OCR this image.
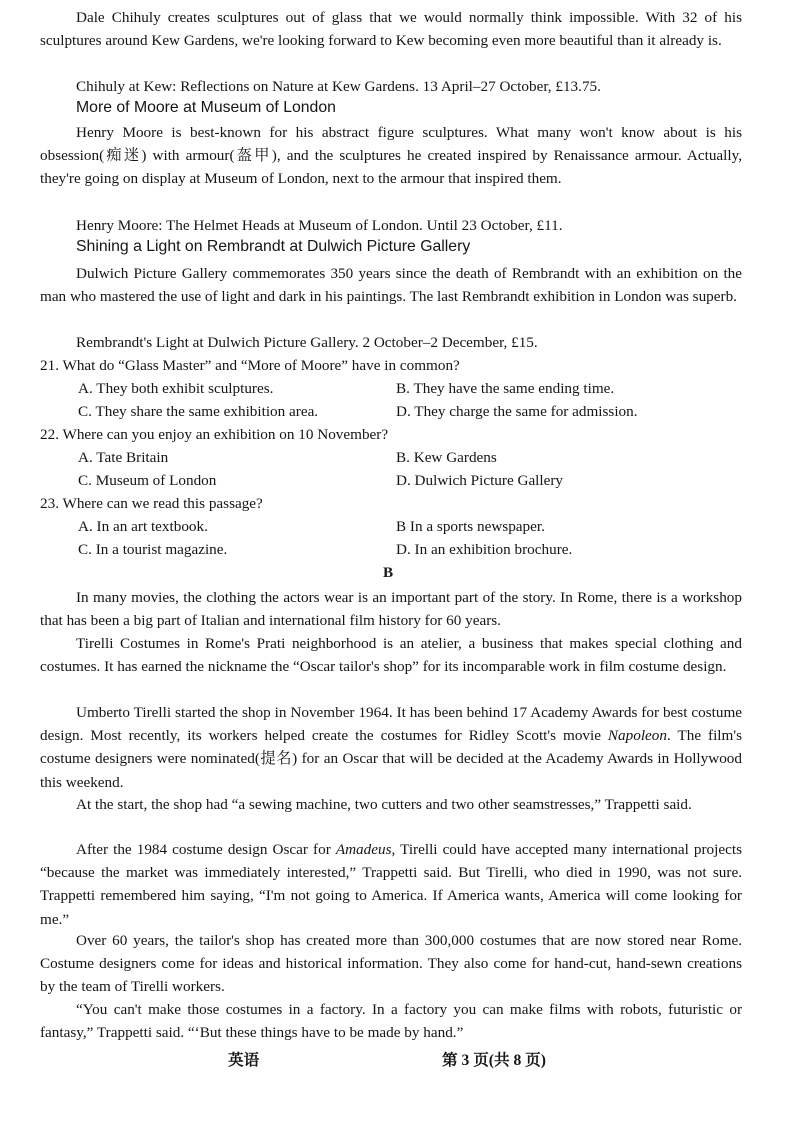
Dale Chihuly creates sculptures out of glass that we would normally think impossible. With 32 of his sculptures around Kew Gardens, we're looking forward to Kew becoming even more beautiful than it already is.

Chihuly at Kew: Reflections on Nature at Kew Gardens. 13 April–27 October, £13.75.

More of Moore at Museum of London

Henry Moore is best-known for his abstract figure sculptures. What many won't know about is his obsession(痴迷) with armour(盔甲), and the sculptures he created inspired by Renaissance armour. Actually, they're going on display at Museum of London, next to the armour that inspired them.

Henry Moore: The Helmet Heads at Museum of London. Until 23 October, £11.

Shining a Light on Rembrandt at Dulwich Picture Gallery

Dulwich Picture Gallery commemorates 350 years since the death of Rembrandt with an exhibition on the man who mastered the use of light and dark in his paintings. The last Rembrandt exhibition in London was superb.

Rembrandt's Light at Dulwich Picture Gallery. 2 October–2 December, £15.

21. What do “Glass Master” and “More of Moore” have in common?

A. They both exhibit sculptures.	B. They have the same ending time.

C. They share the same exhibition area.	D. They charge the same for admission.

22. Where can you enjoy an exhibition on 10 November?

A. Tate Britain	B. Kew Gardens

C. Museum of London	D. Dulwich Picture Gallery

23. Where can we read this passage?

A. In an art textbook.	B In a sports newspaper.

C. In a tourist magazine.	D. In an exhibition brochure.

B

In many movies, the clothing the actors wear is an important part of the story. In Rome, there is a workshop that has been a big part of Italian and international film history for 60 years.

Tirelli Costumes in Rome's Prati neighborhood is an atelier, a business that makes special clothing and costumes. It has earned the nickname the “Oscar tailor's shop” for its incomparable work in film costume design.

Umberto Tirelli started the shop in November 1964. It has been behind 17 Academy Awards for best costume design. Most recently, its workers helped create the costumes for Ridley Scott's movie Napoleon. The film's costume designers were nominated(提名) for an Oscar that will be decided at the Academy Awards in Hollywood this weekend.

At the start, the shop had “a sewing machine, two cutters and two other seamstresses,” Trappetti said.

After the 1984 costume design Oscar for Amadeus, Tirelli could have accepted many international projects “because the market was immediately interested,” Trappetti said. But Tirelli, who died in 1990, was not sure. Trappetti remembered him saying, “I'm not going to America. If America wants, America will come looking for me.”

Over 60 years, the tailor's shop has created more than 300,000 costumes that are now stored near Rome. Costume designers come for ideas and historical information. They also come for hand-cut, hand-sewn creations by the team of Tirelli workers.

“You can't make those costumes in a factory. In a factory you can make films with robots, futuristic or fantasy,” Trappetti said. “‘But these things have to be made by hand.”

英语	第 3 页(共 8 页)
